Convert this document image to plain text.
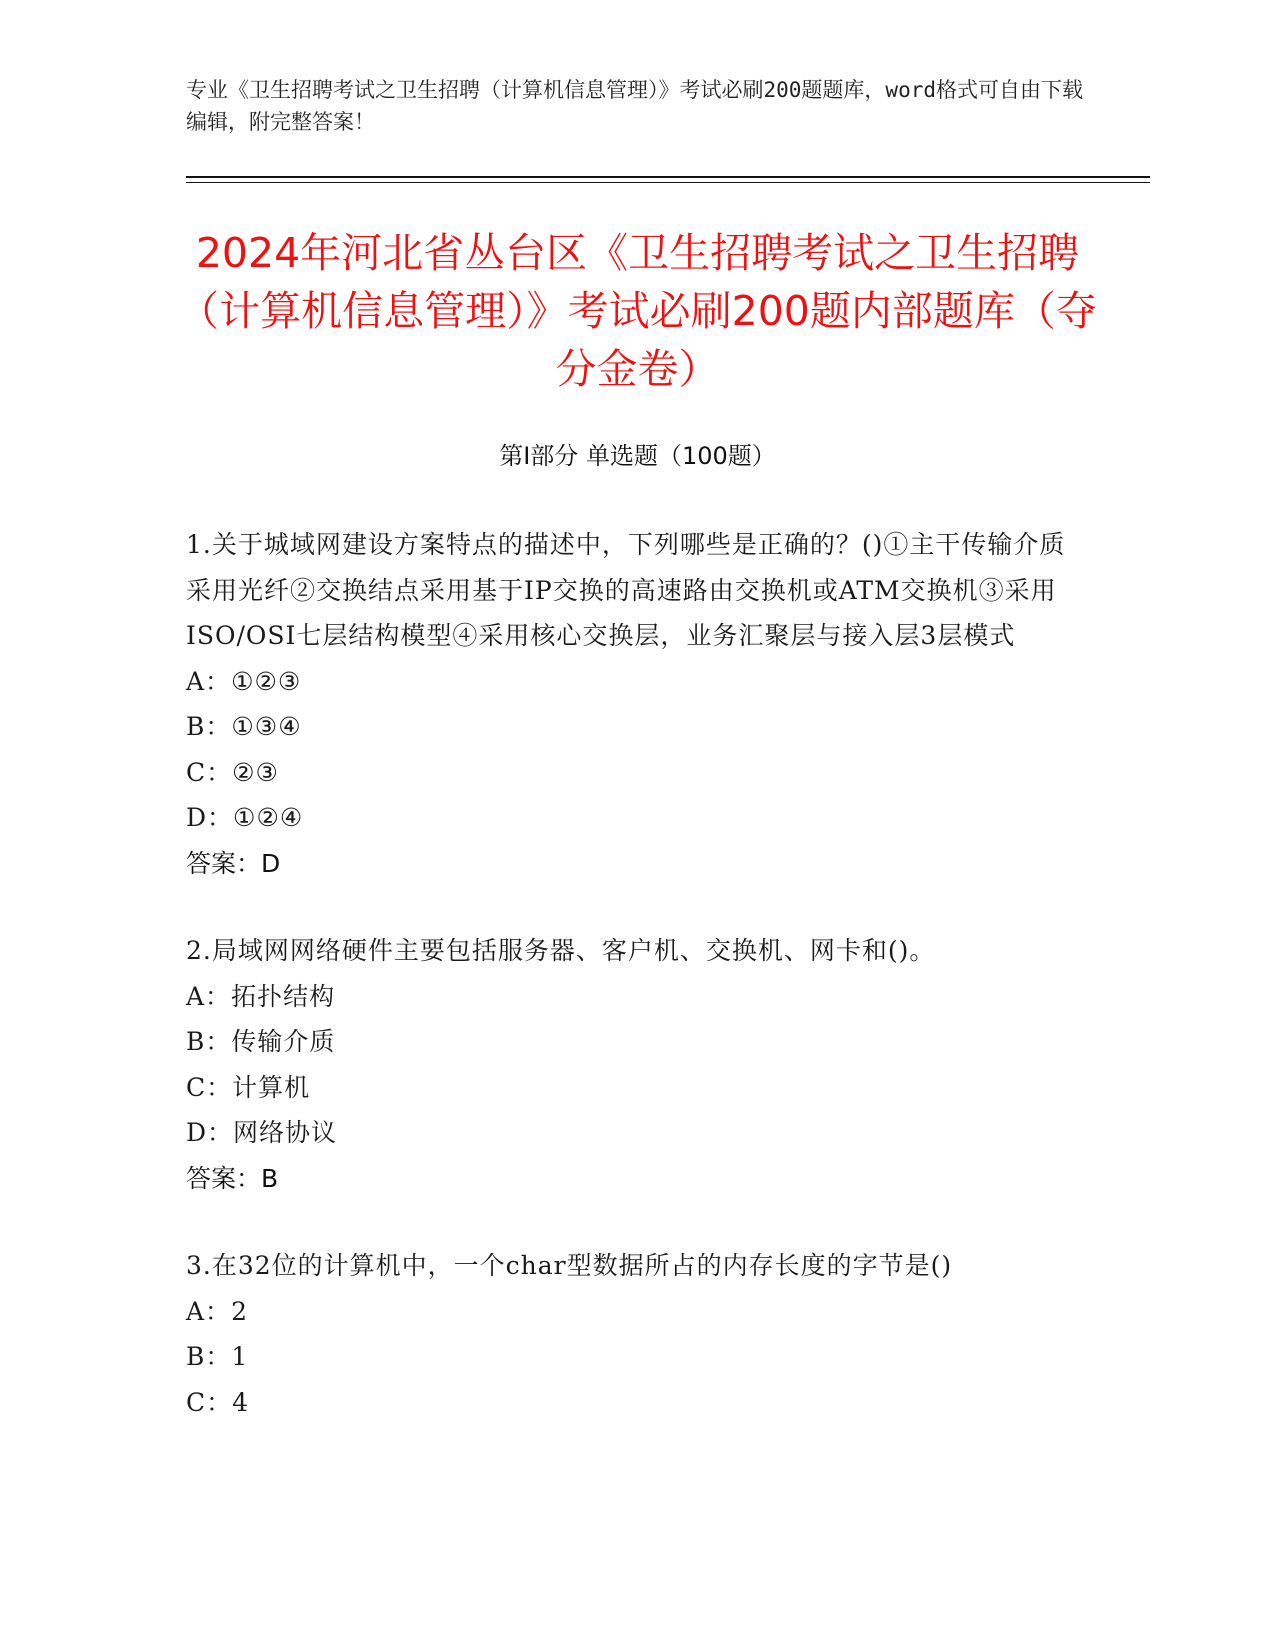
专业《卫生招聘考试之卫生招聘（计算机信息管理）》考试必刷200题题库，word格式可自由下载编辑，附完整答案！
2024年河北省丛台区《卫生招聘考试之卫生招聘（计算机信息管理）》考试必刷200题内部题库（夺分金卷）
第I部分 单选题（100题）

1.关于城域网建设方案特点的描述中，下列哪些是正确的？()①主干传输介质采用光纤②交换结点采用基于IP交换的高速路由交换机或ATM交换机③采用ISO/OSI七层结构模型④采用核心交换层，业务汇聚层与接入层3层模式

A：①②③

B：①③④

C：②③

D：①②④

答案：D

2.局域网网络硬件主要包括服务器、客户机、交换机、网卡和()。

A：拓扑结构

B：传输介质

C：计算机

D：网络协议

答案：B

3.在32位的计算机中，一个char型数据所占的内存长度的字节是()

A：2

B：1

C：4
